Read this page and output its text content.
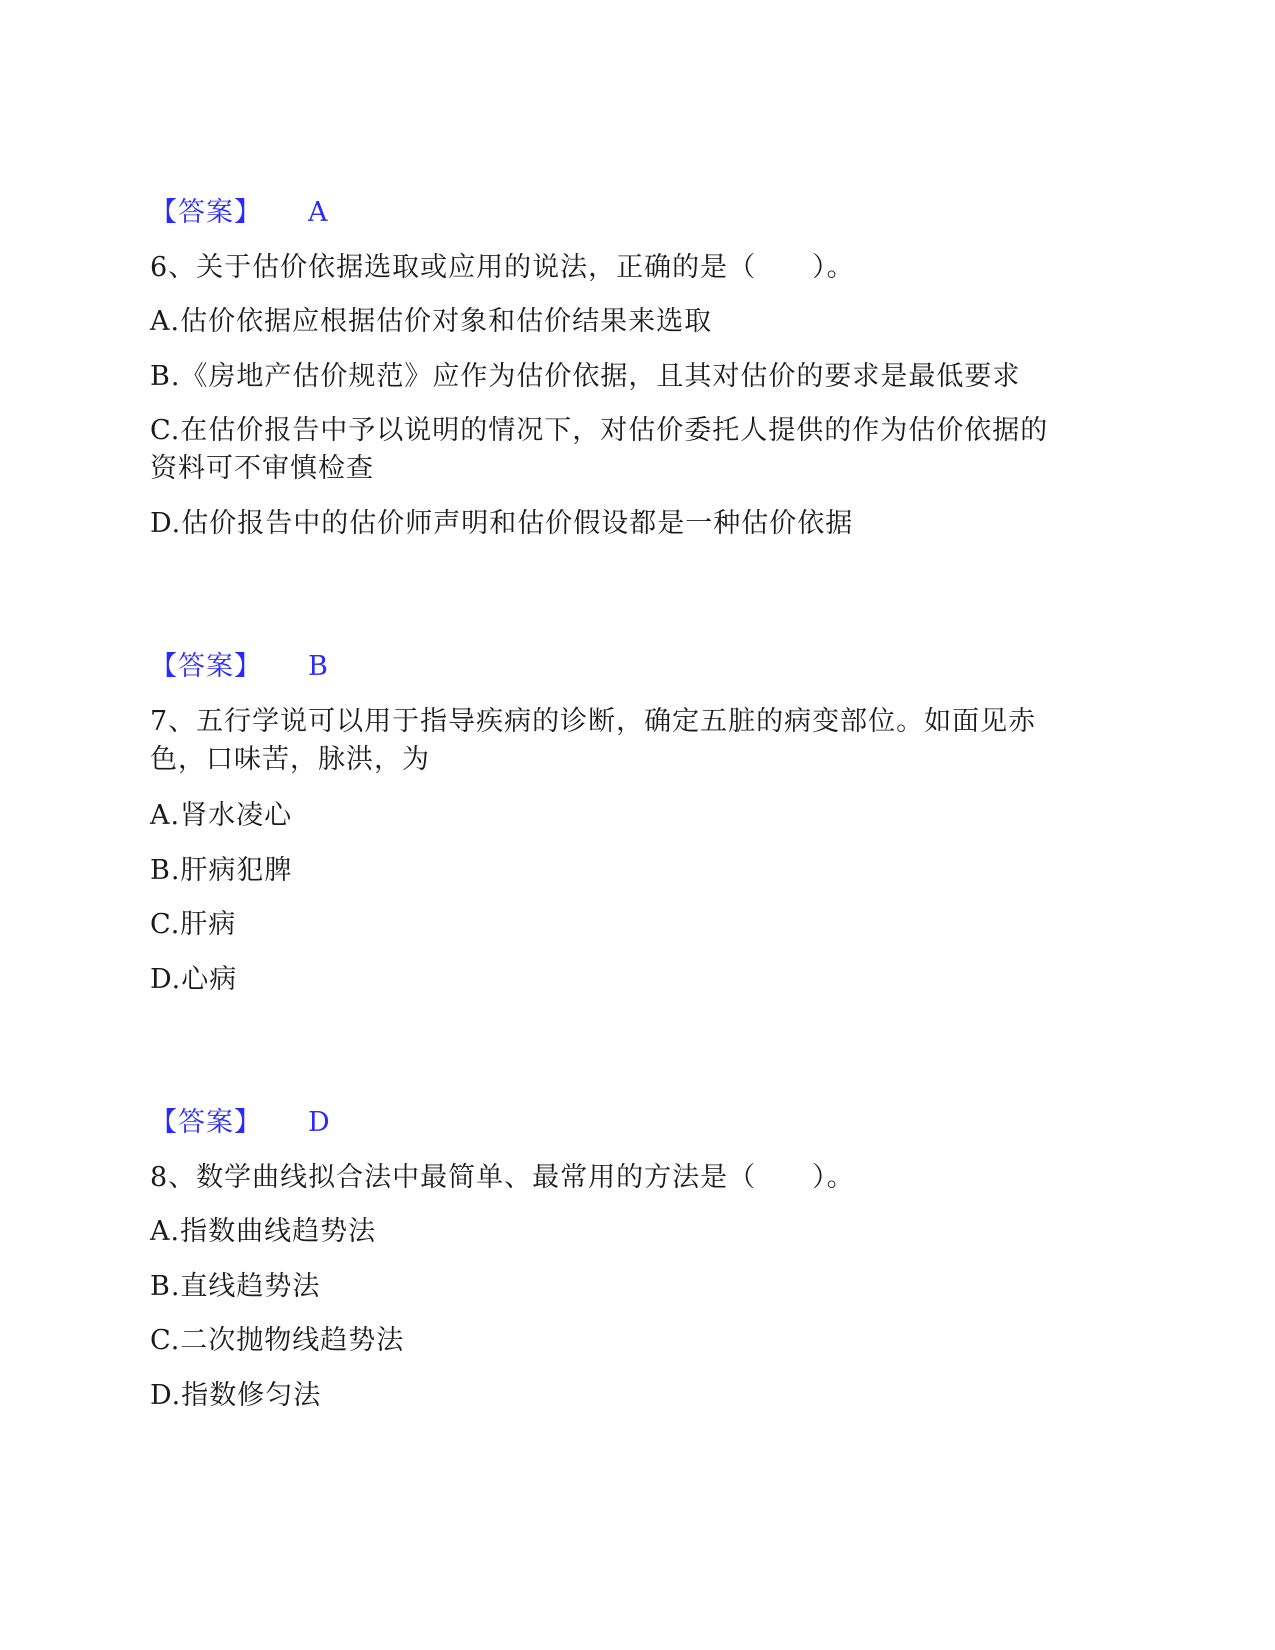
【答案】 A
6、关于估价依据选取或应用的说法，正确的是（　　）。
A.估价依据应根据估价对象和估价结果来选取
B.《房地产估价规范》应作为估价依据，且其对估价的要求是最低要求
C.在估价报告中予以说明的情况下，对估价委托人提供的作为估价依据的资料可不审慎检查
D.估价报告中的估价师声明和估价假设都是一种估价依据
【答案】 B
7、五行学说可以用于指导疾病的诊断，确定五脏的病变部位。如面见赤色，口味苦，脉洪，为
A.肾水凌心
B.肝病犯脾
C.肝病
D.心病
【答案】 D
8、数学曲线拟合法中最简单、最常用的方法是（　　）。
A.指数曲线趋势法
B.直线趋势法
C.二次抛物线趋势法
D.指数修匀法
